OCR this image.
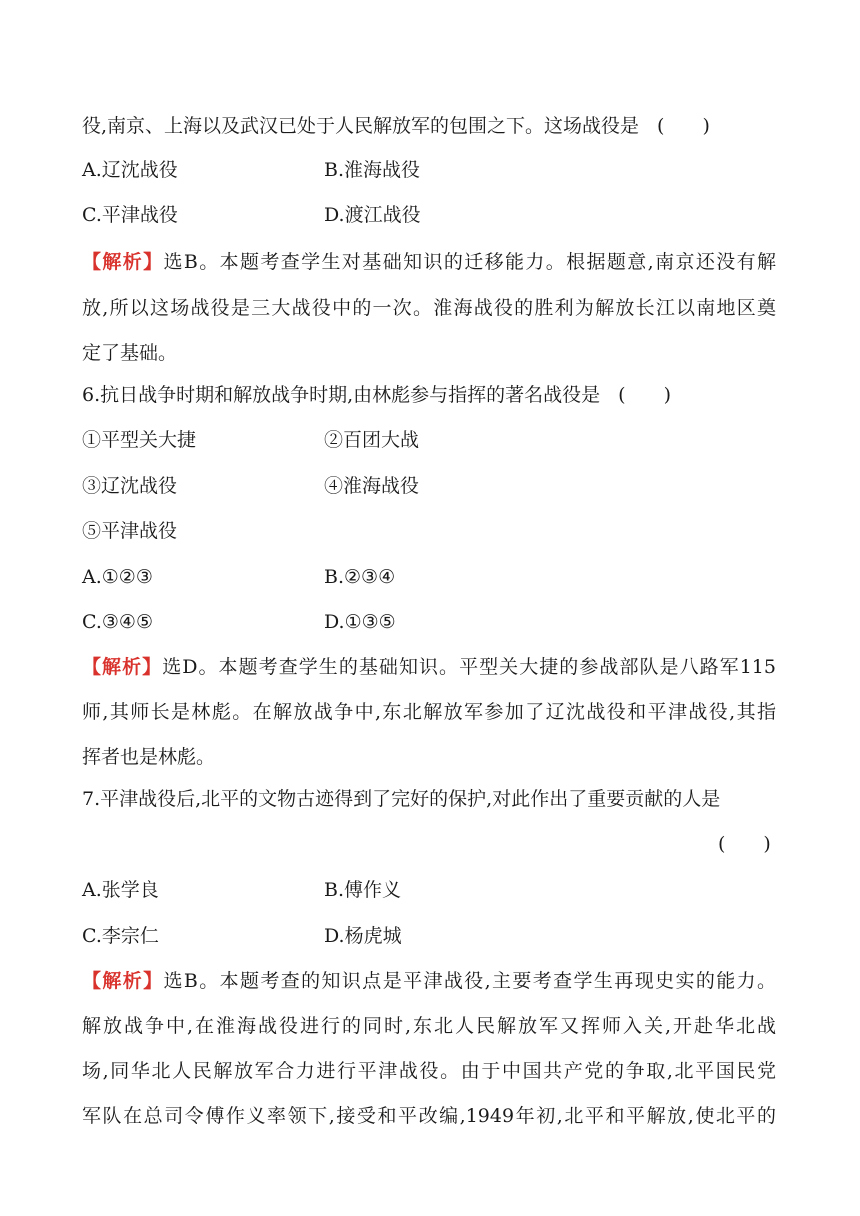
役,南京、上海以及武汉已处于人民解放军的包围之下。这场战役是 (　　)
A.辽沈战役	B.淮海战役
C.平津战役	D.渡江战役
【解析】选B。本题考查学生对基础知识的迁移能力。根据题意,南京还没有解
放,所以这场战役是三大战役中的一次。淮海战役的胜利为解放长江以南地区奠
定了基础。
6.抗日战争时期和解放战争时期,由林彪参与指挥的著名战役是 (　　)
①平型关大捷	②百团大战
③辽沈战役	④淮海战役
⑤平津战役
A.①②③	B.②③④
C.③④⑤	D.①③⑤
【解析】选D。本题考查学生的基础知识。平型关大捷的参战部队是八路军115
师,其师长是林彪。在解放战争中,东北解放军参加了辽沈战役和平津战役,其指
挥者也是林彪。
7.平津战役后,北平的文物古迹得到了完好的保护,对此作出了重要贡献的人是
(　　)
A.张学良	B.傅作义
C.李宗仁	D.杨虎城
【解析】选B。本题考查的知识点是平津战役,主要考查学生再现史实的能力。
解放战争中,在淮海战役进行的同时,东北人民解放军又挥师入关,开赴华北战
场,同华北人民解放军合力进行平津战役。由于中国共产党的争取,北平国民党
军队在总司令傅作义率领下,接受和平改编,1949年初,北平和平解放,使北平的
